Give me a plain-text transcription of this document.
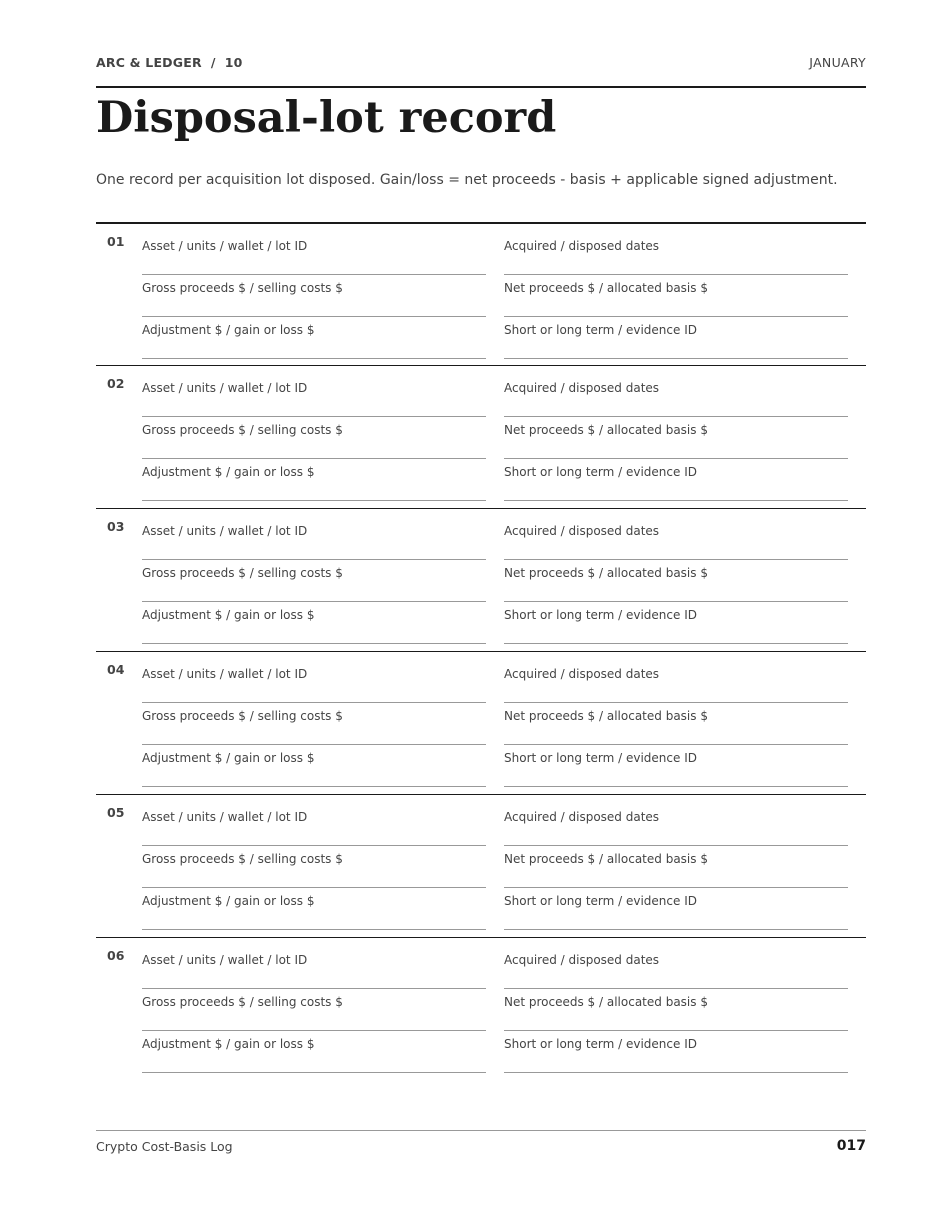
ARC & LEDGER  /  10	JANUARY
Disposal-lot record
One record per acquisition lot disposed. Gain/loss = net proceeds - basis + applicable signed adjustment.
01 Asset / units / wallet / lot ID	Acquired / disposed dates
Gross proceeds $ / selling costs $	Net proceeds $ / allocated basis $
Adjustment $ / gain or loss $	Short or long term / evidence ID
02 Asset / units / wallet / lot ID	Acquired / disposed dates
Gross proceeds $ / selling costs $	Net proceeds $ / allocated basis $
Adjustment $ / gain or loss $	Short or long term / evidence ID
03 Asset / units / wallet / lot ID	Acquired / disposed dates
Gross proceeds $ / selling costs $	Net proceeds $ / allocated basis $
Adjustment $ / gain or loss $	Short or long term / evidence ID
04 Asset / units / wallet / lot ID	Acquired / disposed dates
Gross proceeds $ / selling costs $	Net proceeds $ / allocated basis $
Adjustment $ / gain or loss $	Short or long term / evidence ID
05 Asset / units / wallet / lot ID	Acquired / disposed dates
Gross proceeds $ / selling costs $	Net proceeds $ / allocated basis $
Adjustment $ / gain or loss $	Short or long term / evidence ID
06 Asset / units / wallet / lot ID	Acquired / disposed dates
Gross proceeds $ / selling costs $	Net proceeds $ / allocated basis $
Adjustment $ / gain or loss $	Short or long term / evidence ID
Crypto Cost-Basis Log	017
